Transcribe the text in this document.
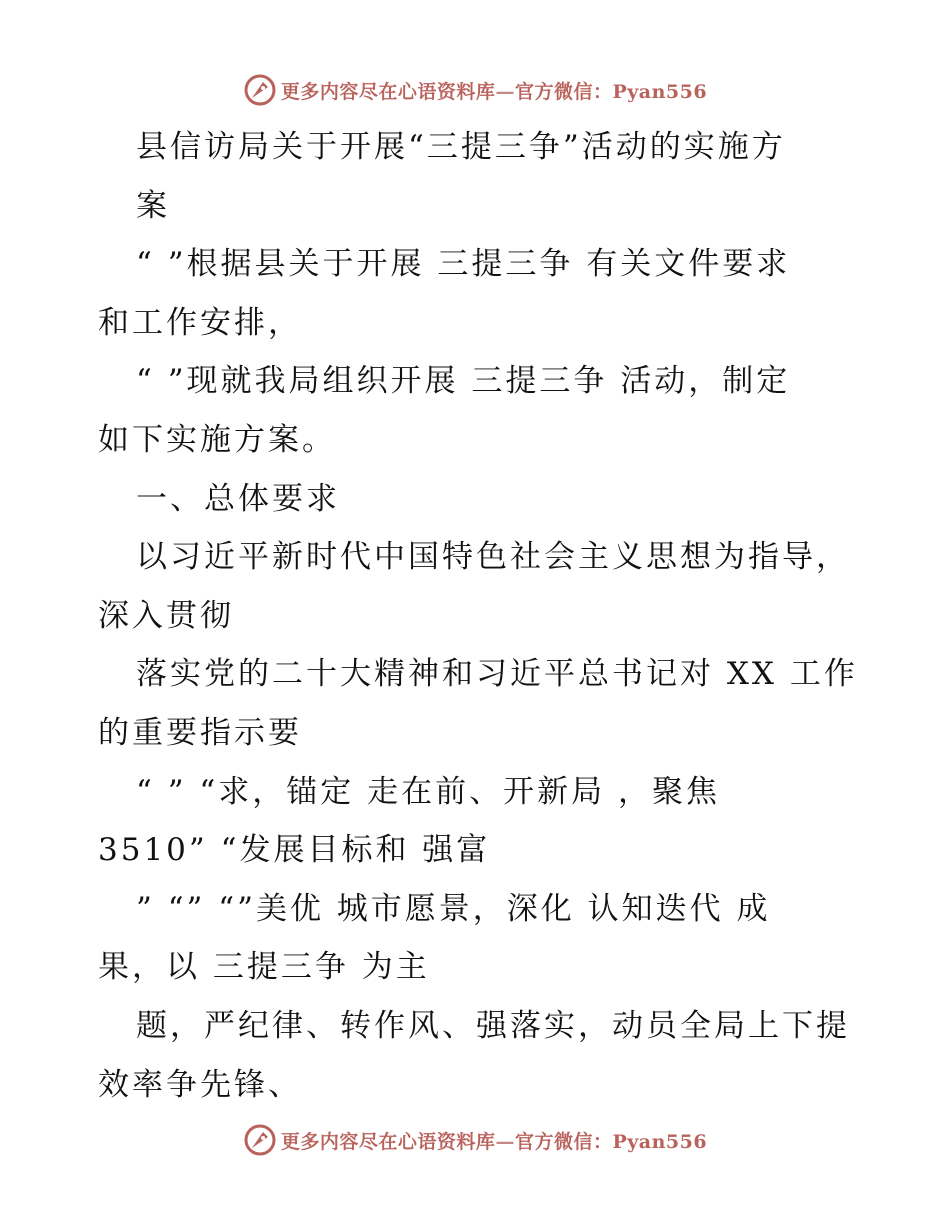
更多内容尽在心语资料库—官方微信：Pyan556
县信访局关于开展“三提三争”活动的实施方
案
“ ”根据县关于开展 三提三争 有关文件要求
和工作安排，
“ ”现就我局组织开展 三提三争 活动，制定
如下实施方案。
一、总体要求
以习近平新时代中国特色社会主义思想为指导，
深入贯彻
落实党的二十大精神和习近平总书记对 XX 工作
的重要指示要
“ ” “求，锚定 走在前、开新局 ，聚焦
3510” “发展目标和 强富
” “” “”美优 城市愿景，深化 认知迭代 成
果，以 三提三争 为主
题，严纪律、转作风、强落实，动员全局上下提
效率争先锋、
更多内容尽在心语资料库—官方微信：Pyan556
